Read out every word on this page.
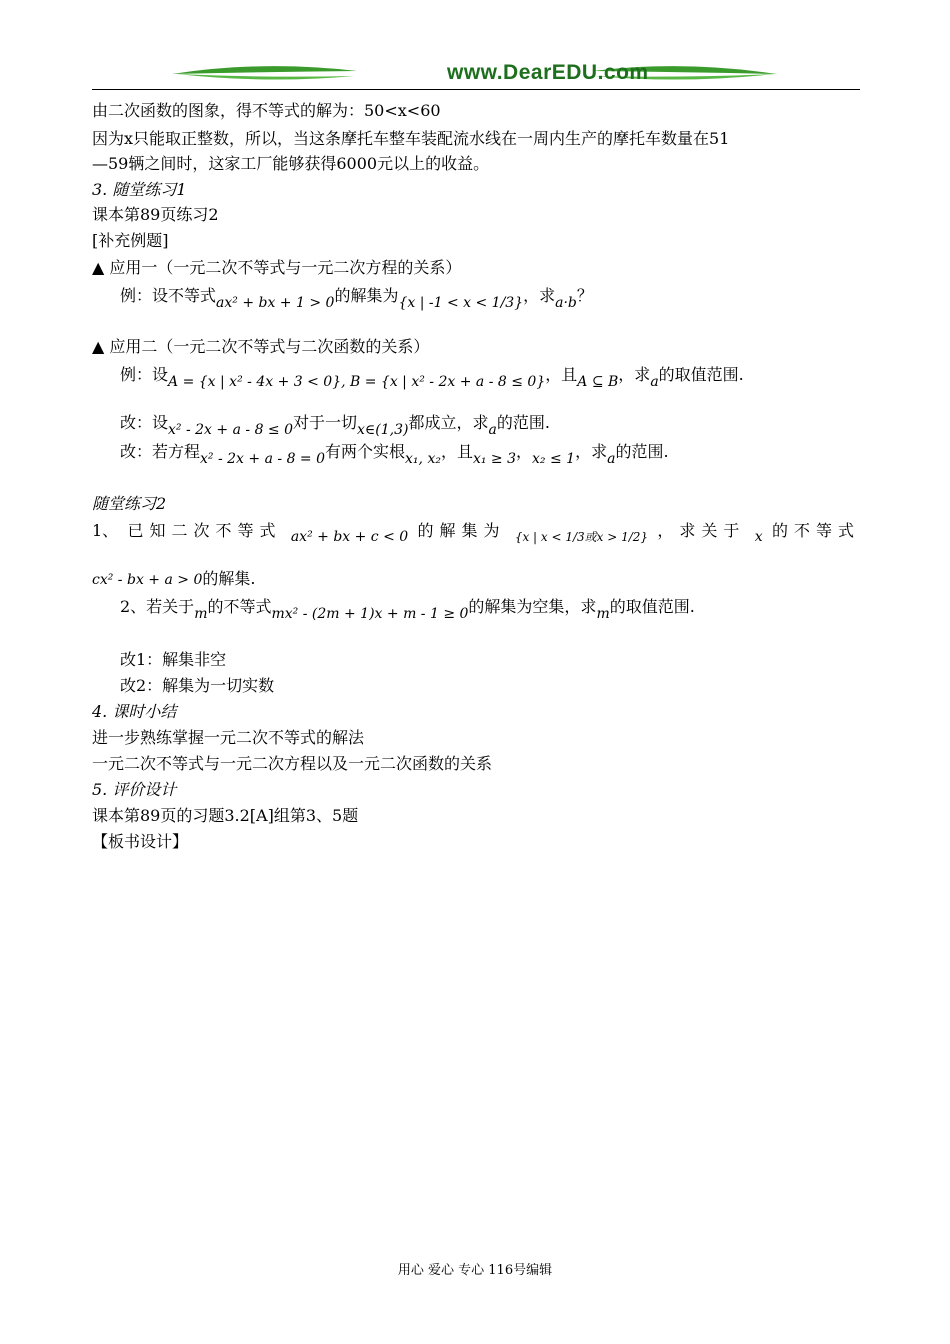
www.DearEDU.com
由二次函数的图象，得不等式的解为：50<x<60
因为x只能取正整数，所以，当这条摩托车整车装配流水线在一周内生产的摩托车数量在51
—59辆之间时，这家工厂能够获得6000元以上的收益。
3. 随堂练习1
课本第89页练习2
[补充例题]
▲ 应用一（一元二次不等式与一元二次方程的关系）
例：设不等式ax² + bx + 1 > 0的解集为{x | -1 < x < 1/3}，求a·b？
▲ 应用二（一元二次不等式与二次函数的关系）
例：设A = {x | x² - 4x + 3 < 0}, B = {x | x² - 2x + a - 8 ≤ 0}，且A ⊆ B，求a的取值范围.
改：设x² - 2x + a - 8 ≤ 0对于一切x∈(1,3)都成立，求a的范围.
改：若方程x² - 2x + a - 8 = 0有两个实根x₁, x₂，且x₁ ≥ 3，x₂ ≤ 1，求a的范围.
随堂练习2
1、 已知二次不等式 ax² + bx + c < 0 的解集为 {x | x < 1/3或x > 1/2} ，求关于 x 的不等式
cx² - bx + a > 0的解集.
2、若关于m的不等式mx² - (2m + 1)x + m - 1 ≥ 0的解集为空集，求m的取值范围.
改1：解集非空
改2：解集为一切实数
4. 课时小结
进一步熟练掌握一元二次不等式的解法
一元二次不等式与一元二次方程以及一元二次函数的关系
5. 评价设计
课本第89页的习题3.2[A]组第3、5题
【板书设计】
用心 爱心 专心 116号编辑
